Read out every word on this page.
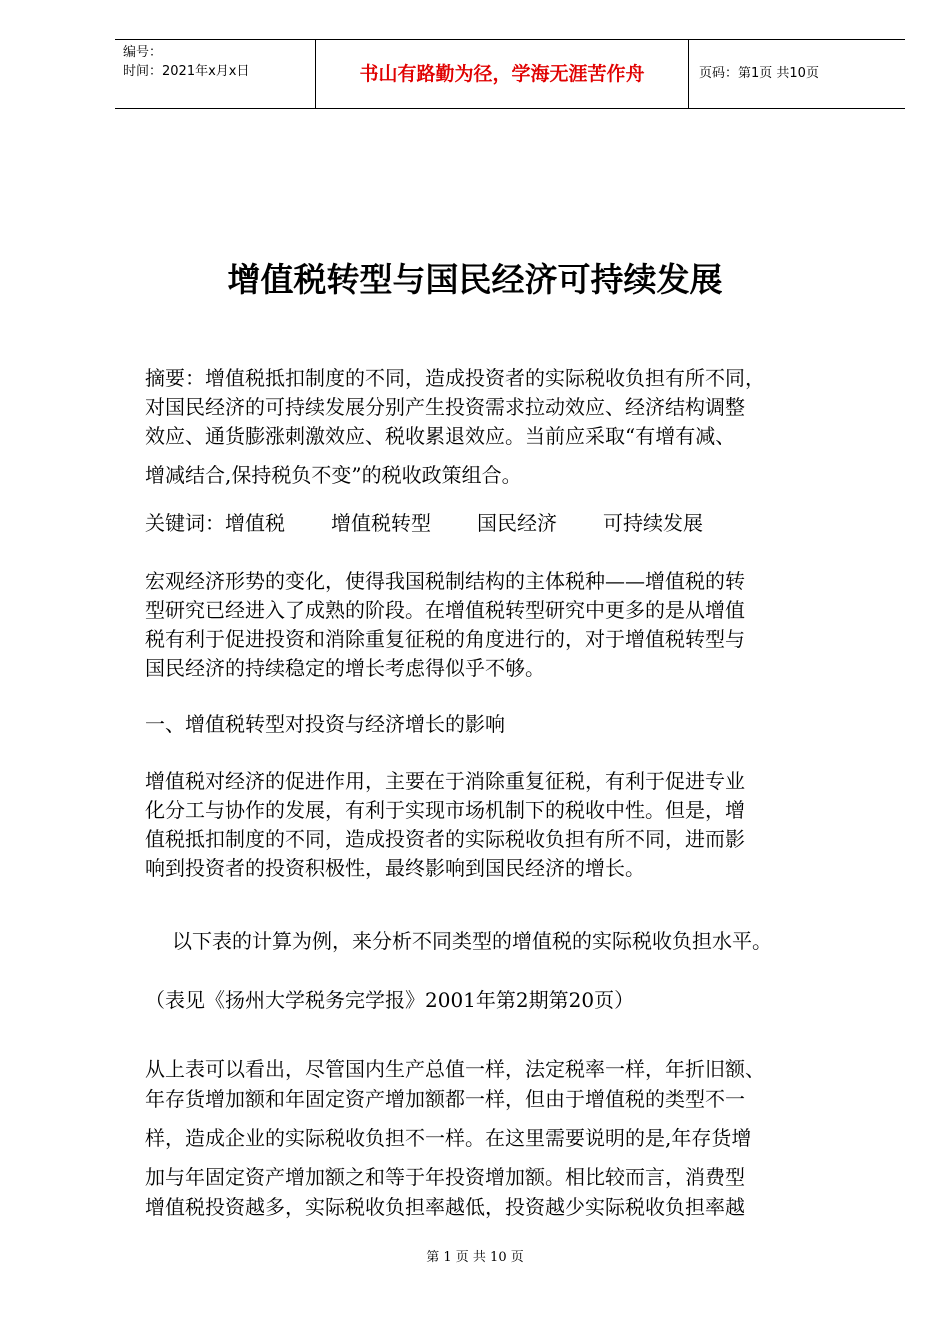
编号：
时间：2021年x月x日	书山有路勤为径，学海无涯苦作舟	页码：第1页 共10页
增值税转型与国民经济可持续发展

摘要：增值税抵扣制度的不同，造成投资者的实际税收负担有所不同，
对国民经济的可持续发展分别产生投资需求拉动效应、经济结构调整
效应、通货膨涨刺激效应、税收累退效应。当前应采取“有增有减、
增减结合,保持税负不变”的税收政策组合。

关键词：增值税 增值税转型 国民经济 可持续发展

宏观经济形势的变化，使得我国税制结构的主体税种——增值税的转
型研究已经进入了成熟的阶段。在增值税转型研究中更多的是从增值
税有利于促进投资和消除重复征税的角度进行的，对于增值税转型与
国民经济的持续稳定的增长考虑得似乎不够。

一、增值税转型对投资与经济增长的影响

增值税对经济的促进作用，主要在于消除重复征税，有利于促进专业
化分工与协作的发展，有利于实现市场机制下的税收中性。但是，增
值税抵扣制度的不同，造成投资者的实际税收负担有所不同，进而影
响到投资者的投资积极性，最终影响到国民经济的增长。

以下表的计算为例，来分析不同类型的增值税的实际税收负担水平。

（表见《扬州大学税务完学报》2001年第2期第20页）

从上表可以看出，尽管国内生产总值一样，法定税率一样，年折旧额、
年存货增加额和年固定资产增加额都一样，但由于增值税的类型不一
样，造成企业的实际税收负担不一样。在这里需要说明的是,年存货增
加与年固定资产增加额之和等于年投资增加额。相比较而言，消费型
增值税投资越多，实际税收负担率越低，投资越少实际税收负担率越

第 1 页 共 10 页
